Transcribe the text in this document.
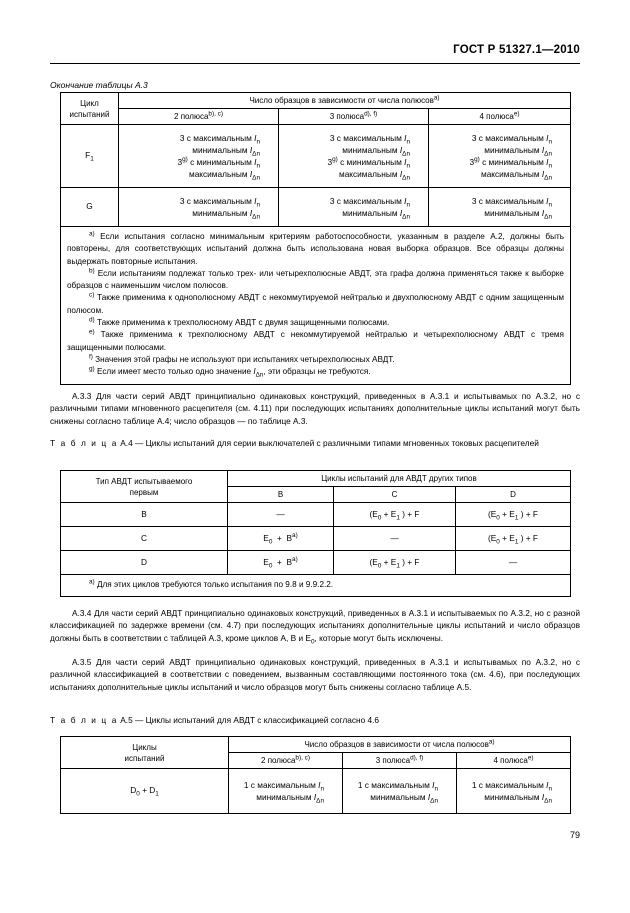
ГОСТ Р 51327.1—2010
Окончание таблицы А.3
Цикл
испытаний	Число образцов в зависимости от числа полюсов$^{a)}$
	2 полюса$^{b), c)}$	3 полюса$^{d), f)}$	4 полюса$^{e)}$
$F_1$	3 с максимальным $I_n$
минимальным $I_{\Delta n}$
3$^{g)}$ с минимальным $I_n$
максимальным $I_{\Delta n}$	3 с максимальным $I_n$
минимальным $I_{\Delta n}$
3$^{g)}$ с минимальным $I_n$
максимальным $I_{\Delta n}$	3 с максимальным $I_n$
минимальным $I_{\Delta n}$
3$^{g)}$ с минимальным $I_n$
максимальным $I_{\Delta n}$
G	3 с максимальным $I_n$
минимальным $I_{\Delta n}$	3 с максимальным $I_n$
минимальным $I_{\Delta n}$	3 с максимальным $I_n$
минимальным $I_{\Delta n}$

$^{a)}$ Если испытания согласно минимальным критериям работоспособности, указанным в разделе А.2, должны быть повторены, для соответствующих испытаний должна быть использована новая выборка образцов. Все образцы должны выдержать повторные испытания.

$^{b)}$ Если испытаниям подлежат только трех- или четырехполюсные АВДТ, эта графа должна применяться также к выборке образцов с наименьшим числом полюсов.

$^{c)}$ Также применима к однополюсному АВДТ с некоммутируемой нейтралью и двухполюсному АВДТ с одним защищенным полюсом.

$^{d)}$ Также применима к трехполюсному АВДТ с двумя защищенными полюсами.

$^{e)}$ Также применима к трехполюсному АВДТ с некоммутируемой нейтралью и четырехполюсному АВДТ с тремя защищенными полюсами.

$^{f)}$ Значения этой графы не используют при испытаниях четырехполюсных АВДТ.

$^{g)}$ Если имеет место только одно значение $I_{\Delta n}$, эти образцы не требуются.

А.3.3 Для части серий АВДТ принципиально одинаковых конструкций, приведенных в А.3.1 и испытывамых по А.3.2, но с различными типами мгновенного расцепителя (см. 4.11) при последующих испытаниях дополнительные циклы испытаний могут быть снижены согласно таблице А.4; число образцов — по таблице А.3.
Т а б л и ц а А.4 — Циклы испытаний для серии выключателей с различными типами мгновенных токовых расцепителей
Тип АВДТ испытываемого
первым	Циклы испытаний для АВДТ других типов		
	B	C	D
B	—	($E_0 + E_1$ ) + F	($E_0 + E_1$ ) + F
C	$E_0 + B^{a)}$	—	($E_0 + E_1$ ) + F
D	$E_0 + B^{a)}$	($E_0 + E_1$ ) + F	—

$^{a)}$ Для этих циклов требуются только испытания по 9.8 и 9.9.2.2.			

А.3.4 Для части серий АВДТ принципиально одинаковых конструкций, приведенных в А.3.1 и испытываемых по А.3.2, но с разной классификацией по задержке времени (см. 4.7) при последующих испытаниях дополнительные циклы испытаний и число образцов должны быть в соответствии с таблицей А.3, кроме циклов А, В и $E_0$, которые могут быть исключены.
А.3.5 Для части серий АВДТ принципиально одинаковых конструкций, приведенных в А.3.1 и испытывамых по А.3.2, но с различной классификацией в соответствии с поведением, вызванным составляющими постоянного тока (см. 4.6), при последующих испытаниях дополнительные циклы испытаний и число образцов могут быть снижены согласно таблице А.5.
Т а б л и ц а А.5 — Циклы испытаний для АВДТ с классификацией согласно 4.6
Циклы
испытаний	Число образцов в зависимости от числа полюсов$^{a)}$
	2 полюса$^{b), c)}$	3 полюса$^{d), f)}$	4 полюса$^{e)}$
$D_0 + D_1$	1 с максимальным $I_n$
минимальным $I_{\Delta n}$	1 с максимальным $I_n$
минимальным $I_{\Delta n}$	1 с максимальным $I_n$
минимальным $I_{\Delta n}$
79
